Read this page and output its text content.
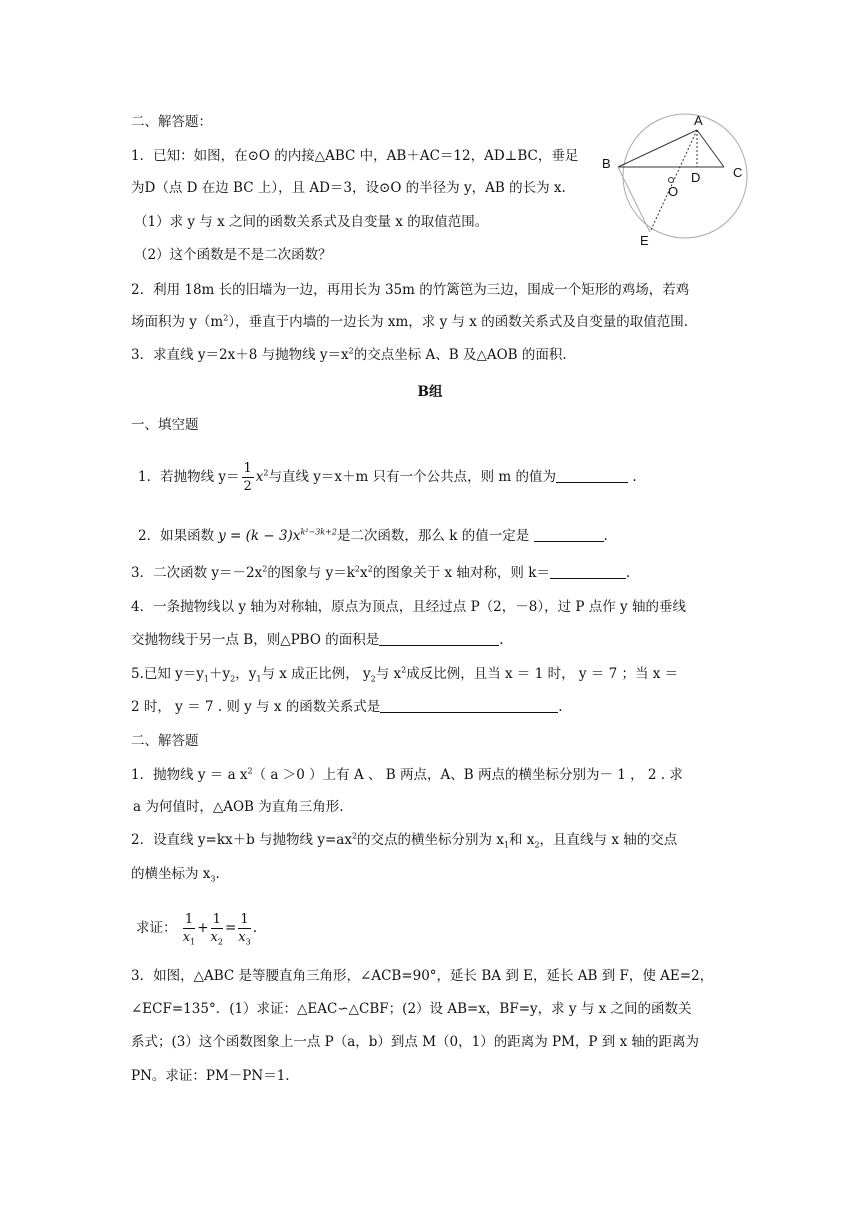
二、解答题：
1．已知：如图，在⊙O 的内接△ABC 中，AB＋AC＝12，AD⊥BC，垂足
为D（点 D 在边 BC 上），且 AD＝3，设⊙O 的半径为 y，AB 的长为 x.
（1）求 y 与 x 之间的函数关系式及自变量 x 的取值范围。
（2）这个函数是不是二次函数？
2．利用 18m 长的旧墙为一边，再用长为 35m 的竹篱笆为三边，围成一个矩形的鸡场，若鸡
场面积为 $y(m^2)$，垂直于内墙的一边长为 xm，求 y 与 x 的函数关系式及自变量的取值范围.
3．求直线 y＝2x＋8 与抛物线 $y=x^2$的交点坐标 A、B 及△AOB 的面积.
A
B
C
D
O
E
B组
一、填空题
1．若抛物线 $y= \frac{1}{2} x^2$与直线 y＝x＋m 只有一个公共点，则 m 的值为	.
2．如果函数 $y = (k - 3)x^{k^2-3k+2}$是二次函数，那么 k 的值一定是	.
3．二次函数 $y=-2x^2$的图象与 $y=k^2x^2$的图象关于 x 轴对称，则 k＝	.
4．一条抛物线以 y 轴为对称轴，原点为顶点，且经过点 P（2，－8），过 P 点作 y 轴的垂线
交抛物线于另一点 B，则△PBO 的面积是	.
5.已知 $y=y_1+y_2$，$y_1$与 x 成正比例， $y_2$与 $x^2$成反比例，且当 x ＝ 1 时， y ＝ 7 ；当 x ＝
2 时， y ＝ 7 . 则 y 与 x 的函数关系式是	.
二、解答题
1．抛物线 y ＝ a $x^2$（ a ＞0 ）上有 A 、 B 两点，A、B 两点的横坐标分别为－ 1 ， 2 . 求
a 为何值时，△AOB 为直角三角形.
2．设直线 y=kx＋b 与抛物线 $y=ax^2$的交点的横坐标分别为 $x_1$和 $x_2$，且直线与 x 轴的交点
的横坐标为 $x_3$.
求证： $\frac{1}{x_1} + \frac{1}{x_2} = \frac{1}{x_3}$ .
3．如图，△ABC 是等腰直角三角形，∠ACB=90°，延长 BA 到 E，延长 AB 到 F，使 AE=2，
∠ECF=135°．(1）求证：△EAC∽△CBF；(2）设 AB=x，BF=y，求 y 与 x 之间的函数关
系式；(3）这个函数图象上一点 P（a，b）到点 M（0，1）的距离为 PM，P 到 x 轴的距离为
PN。求证：PM－PN＝1.
